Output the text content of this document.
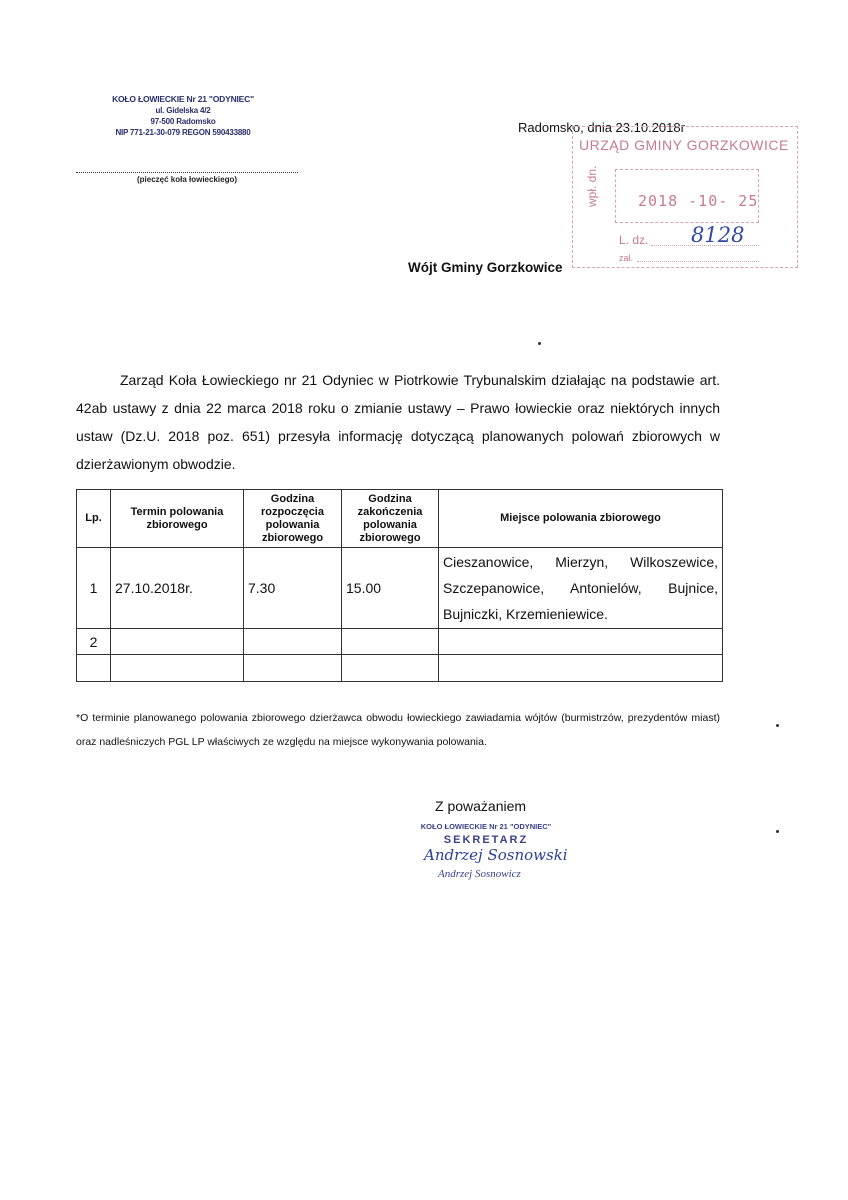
KOŁO ŁOWIECKIE Nr 21 "ODYNIEC"
ul. Gidelska 4/2
97-500 Radomsko
NIP 771-21-30-079 REGON 590433880
(pieczęć koła łowieckiego)
Radomsko, dnia 23.10.2018r
URZĄD GMINY GORZKOWICE
wpł. dn.	2018 -10- 25
L. dz. 8128
zał.
Wójt Gminy Gorzkowice
Zarząd Koła Łowieckiego nr 21 Odyniec w Piotrkowie Trybunalskim działając na podstawie art. 42ab ustawy z dnia 22 marca 2018 roku o zmianie ustawy – Prawo łowieckie oraz niektórych innych ustaw (Dz.U. 2018 poz. 651) przesyła informację dotyczącą planowanych polowań zbiorowych w dzierżawionym obwodzie.
Lp.	Termin polowania zbiorowego	Godzina rozpoczęcia polowania zbiorowego	Godzina zakończenia polowania zbiorowego	Miejsce polowania zbiorowego
1	27.10.2018r.	7.30	15.00	Cieszanowice, Mierzyn, Wilkoszewice,
Szczepanowice, Antonielów, Bujnice,
Bujniczki, Krzemieniewice.

2				

*O terminie planowanego polowania zbiorowego dzierżawca obwodu łowieckiego zawiadamia wójtów (burmistrzów, prezydentów miast) oraz nadleśniczych PGL LP właściwych ze względu na miejsce wykonywania polowania.
Z poważaniem
KOŁO ŁOWIECKIE Nr 21 "ODYNIEC"
SEKRETARZ
Andrzej Sosnowski
Andrzej Sosnowicz
